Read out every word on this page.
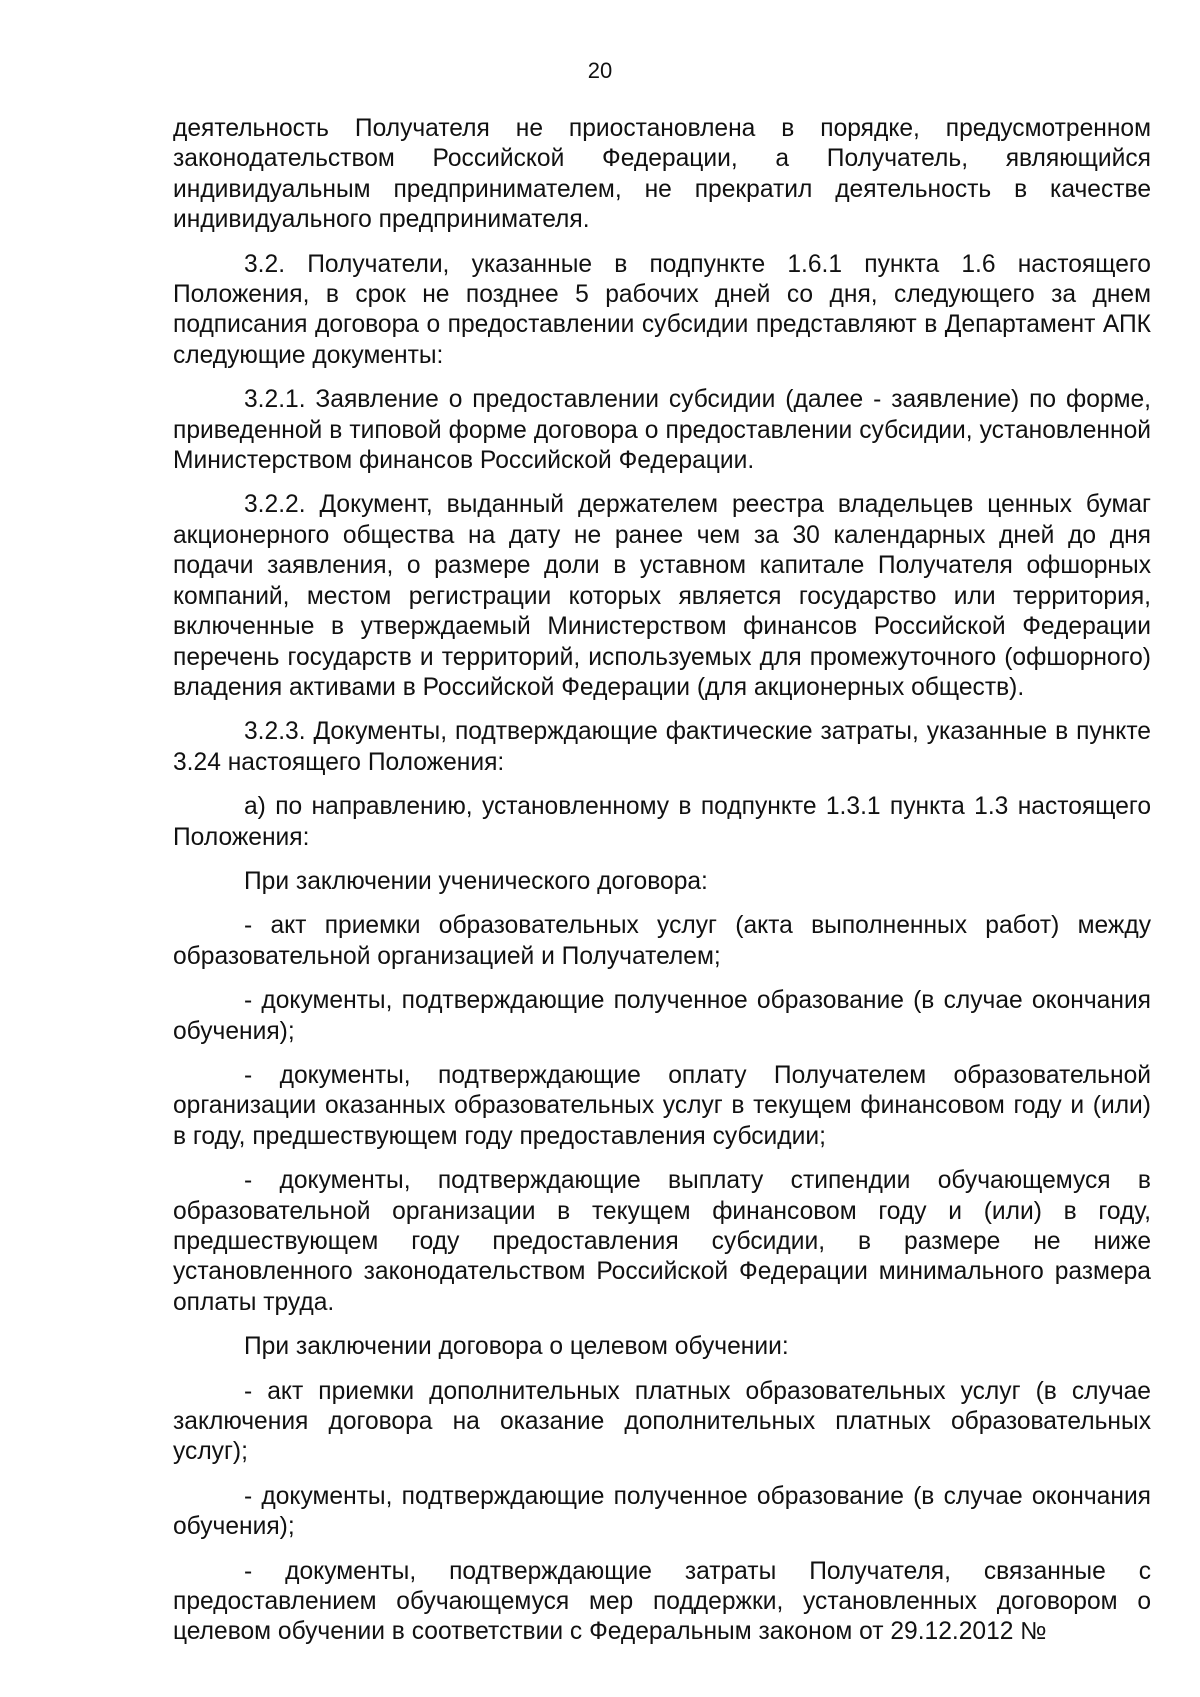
20

деятельность Получателя не приостановлена в порядке, предусмотренном законодательством Российской Федерации, а Получатель, являющийся индивидуальным предпринимателем, не прекратил деятельность в качестве индивидуального предпринимателя.

3.2. Получатели, указанные в подпункте 1.6.1 пункта 1.6 настоящего Положения, в срок не позднее 5 рабочих дней со дня, следующего за днем подписания договора о предоставлении субсидии представляют в Департамент АПК следующие документы:

3.2.1. Заявление о предоставлении субсидии (далее - заявление) по форме, приведенной в типовой форме договора о предоставлении субсидии, установленной Министерством финансов Российской Федерации.

3.2.2. Документ, выданный держателем реестра владельцев ценных бумаг акционерного общества на дату не ранее чем за 30 календарных дней до дня подачи заявления, о размере доли в уставном капитале Получателя офшорных компаний, местом регистрации которых является государство или территория, включенные в утверждаемый Министерством финансов Российской Федерации перечень государств и территорий, используемых для промежуточного (офшорного) владения активами в Российской Федерации (для акционерных обществ).

3.2.3. Документы, подтверждающие фактические затраты, указанные в пункте 3.24 настоящего Положения:

а) по направлению, установленному в подпункте 1.3.1 пункта 1.3 настоящего Положения:

При заключении ученического договора:

- акт приемки образовательных услуг (акта выполненных работ) между образовательной организацией и Получателем;

- документы, подтверждающие полученное образование (в случае окончания обучения);

- документы, подтверждающие оплату Получателем образовательной организации оказанных образовательных услуг в текущем финансовом году и (или) в году, предшествующем году предоставления субсидии;

- документы, подтверждающие выплату стипендии обучающемуся в образовательной организации в текущем финансовом году и (или) в году, предшествующем году предоставления субсидии, в размере не ниже установленного законодательством Российской Федерации минимального размера оплаты труда.

При заключении договора о целевом обучении:

- акт приемки дополнительных платных образовательных услуг (в случае заключения договора на оказание дополнительных платных образовательных услуг);

- документы, подтверждающие полученное образование (в случае окончания обучения);

- документы, подтверждающие затраты Получателя, связанные с предоставлением обучающемуся мер поддержки, установленных договором о целевом обучении в соответствии с Федеральным законом от 29.12.2012 №
